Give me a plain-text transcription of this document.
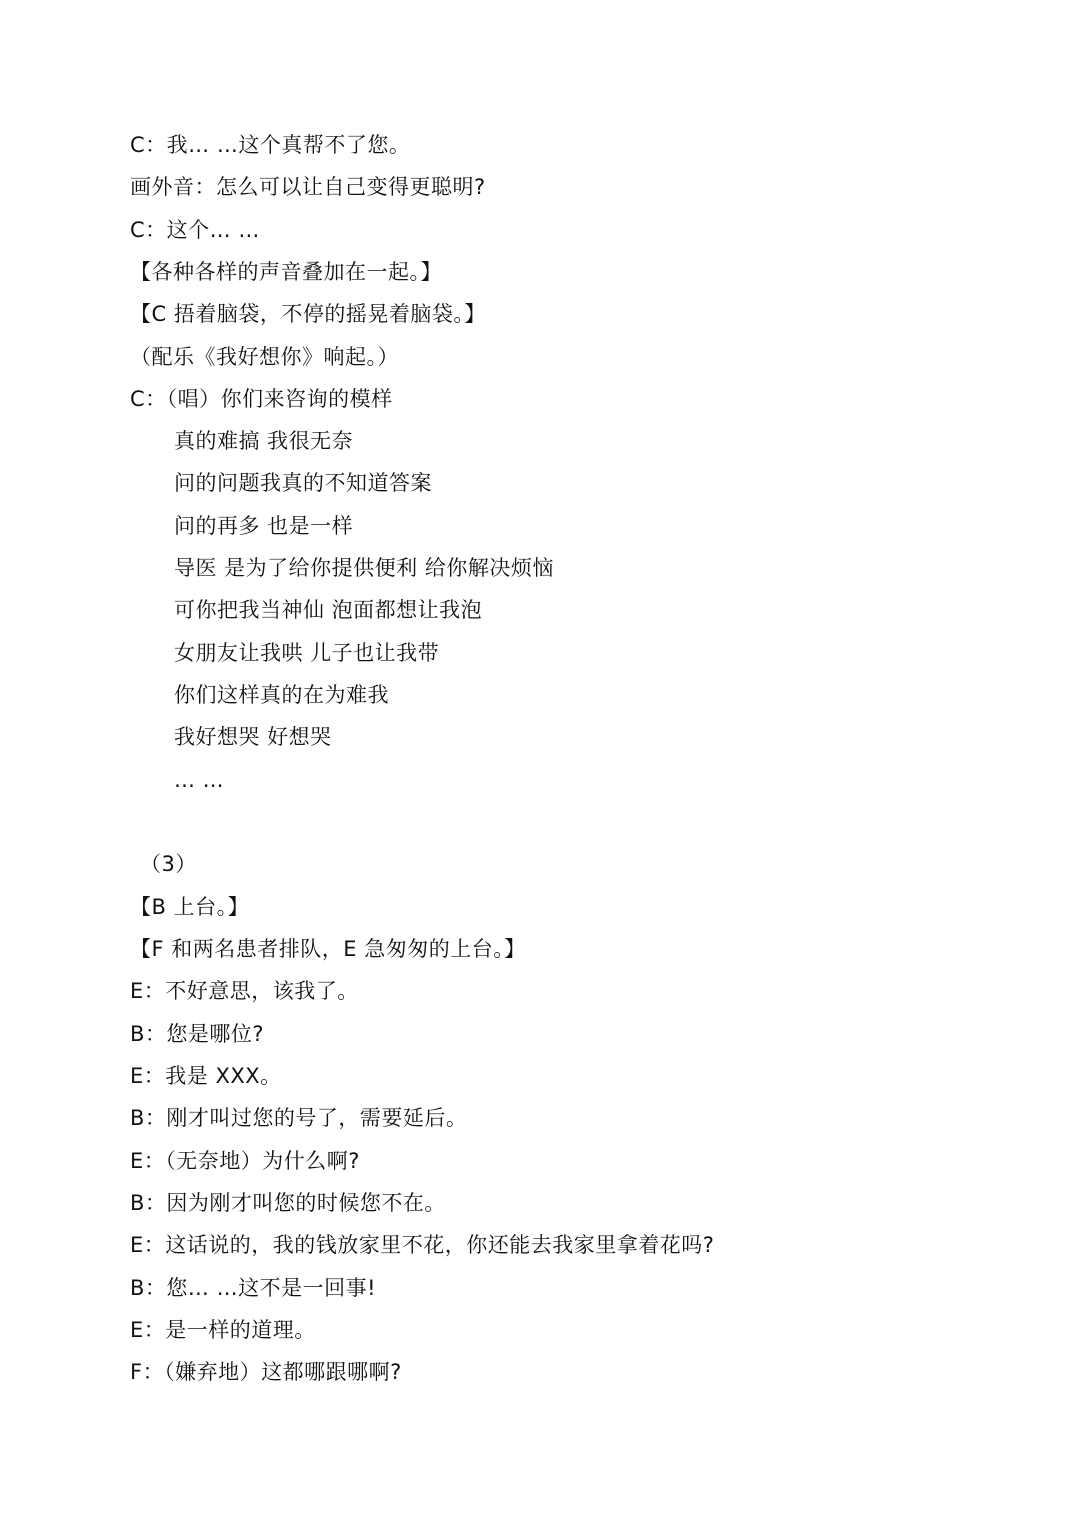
C：我… …这个真帮不了您。
画外音：怎么可以让自己变得更聪明?
C：这个… …
【各种各样的声音叠加在一起。】
【C 捂着脑袋，不停的摇晃着脑袋。】
（配乐《我好想你》响起。）
C：（唱）你们来咨询的模样
真的难搞 我很无奈
问的问题我真的不知道答案
问的再多 也是一样
导医 是为了给你提供便利 给你解决烦恼
可你把我当神仙 泡面都想让我泡
女朋友让我哄 儿子也让我带
你们这样真的在为难我
我好想哭 好想哭
… …
（3）
【B 上台。】
【F 和两名患者排队，E 急匆匆的上台。】
E：不好意思，该我了。
B：您是哪位?
E：我是 XXX。
B：刚才叫过您的号了，需要延后。
E：（无奈地）为什么啊?
B：因为刚才叫您的时候您不在。
E：这话说的，我的钱放家里不花，你还能去我家里拿着花吗?
B：您… …这不是一回事!
E：是一样的道理。
F：（嫌弃地）这都哪跟哪啊?
